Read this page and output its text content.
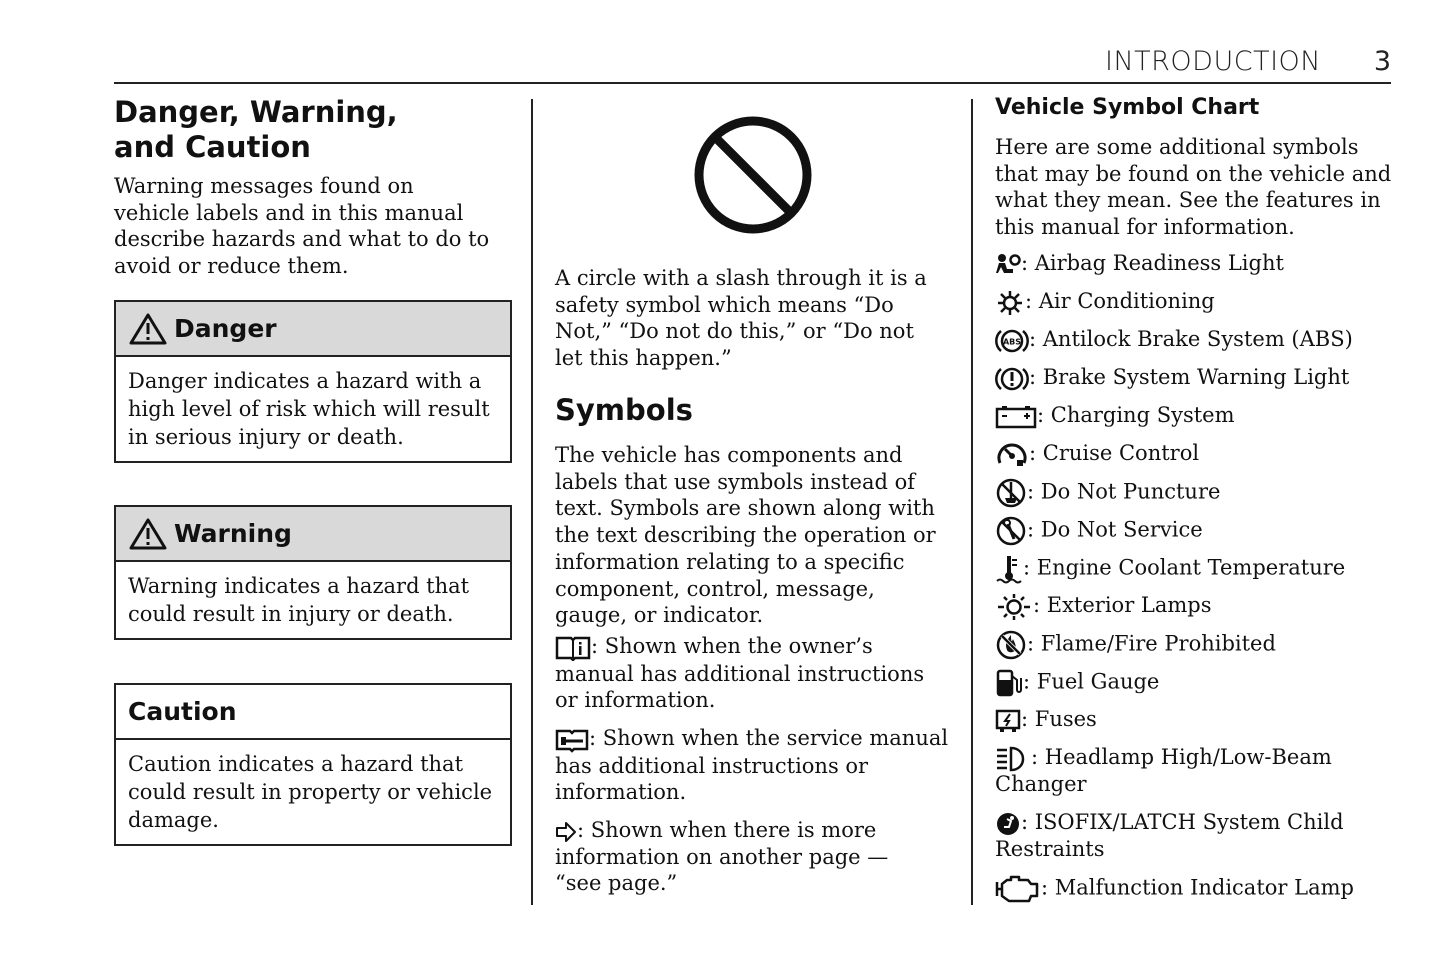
INTRODUCTION 3
Danger, Warning, and Caution

Warning messages found on vehicle labels and in this manual describe hazards and what to do to avoid or reduce them.

Danger
Danger indicates a hazard with a high level of risk which will result in serious injury or death.
Warning
Warning indicates a hazard that could result in injury or death.
Caution
Caution indicates a hazard that could result in property or vehicle damage.

A circle with a slash through it is a safety symbol which means “Do Not,” “Do not do this,” or “Do not let this happen.”

Symbols

The vehicle has components and labels that use symbols instead of text. Symbols are shown along with the text describing the operation or information relating to a specific component, control, message, gauge, or indicator.

: Shown when the owner’s manual has additional instructions or information.

: Shown when the service manual has additional instructions or information.

: Shown when there is more information on another page — “see page.”

Vehicle Symbol Chart

Here are some additional symbols that may be found on the vehicle and what they mean. See the features in this manual for information.

: Airbag Readiness Light
: Air Conditioning
ABS : Antilock Brake System (ABS)
: Brake System Warning Light
: Charging System
: Cruise Control
: Do Not Puncture
: Do Not Service
: Engine Coolant Temperature
: Exterior Lamps
: Flame/Fire Prohibited
: Fuel Gauge
: Fuses
: Headlamp High/Low-Beam
Changer
: ISOFIX/LATCH System Child
Restraints
: Malfunction Indicator Lamp
